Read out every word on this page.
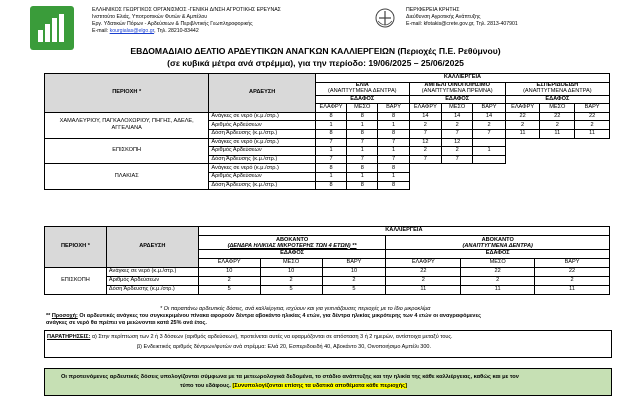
ΕΛΛΗΝΙΚΟΣ ΓΕΩΡΓΙΚΟΣ ΟΡΓΑΝΙΣΜΟΣ -ΓΕΝΙΚΗ Δ/ΝΣΗ ΑΓΡΟΤΙΚΗΣ ΕΡΕΥΝΑΣ
Ινστιτούτο Ελιάς, Υποτροπικών Φυτών & Αμπέλου
Εργ. Υδατικών Πόρων - Αρδεύσεων & Περιβ/ντικής Γεωπληροφορικής
E-mail: kourgialas@elgo.gr, Τηλ. 28210-83442
ΠΕΡΙΦΕΡΕΙΑ ΚΡΗΤΗΣ
Διεύθυνση Αγροτικής Ανάπτυξης
E-mail: kfotakis@crete.gov.gr, Τηλ. 2813-407901
ΕΒΔΟΜΑΔΙΑΙΟ ΔΕΛΤΙΟ ΑΡΔΕΥΤΙΚΩΝ ΑΝΑΓΚΩΝ ΚΑΛΛΙΕΡΓΕΙΩΝ (Περιοχές Π.Ε. Ρεθύμνου)
(σε κυβικά μέτρα ανά στρέμμα), για την περίοδο: 19/06/2025 – 25/06/2025
ΠΕΡΙΟΧΗ *	ΑΡΔΕΥΣΗ	ΚΑΛΛΙΕΡΓΕΙΑ								
		ΕΛΙΑ
(ΑΝΑΠΤΥΓΜΕΝΑ ΔΕΝΤΡΑ)			ΑΜΠΕΛΙ ΟΙΝΟΠΟΙΗΣΙΜΟ
(ΑΝΑΠΤΥΓΜΕΝΑ ΠΡΕΜΝΑ)			ΕΣΠΕΡΙΔΟΕΙΔΗ
(ΑΝΑΠΤΥΓΜΕΝΑ ΔΕΝΤΡΑ)		
		ΕΔΑΦΟΣ			ΕΔΑΦΟΣ			ΕΔΑΦΟΣ		
		ΕΛΑΦΡΥ	ΜΕΣΟ	ΒΑΡΥ	ΕΛΑΦΡΥ	ΜΕΣΟ	ΒΑΡΥ	ΕΛΑΦΡΥ	ΜΕΣΟ	ΒΑΡΥ
ΧΑΜΑΛΕΥΡΙΟΥ, ΠΑΓΚΑΛΟΧΩΡΙΟΥ, ΠΗΓΗΣ, ΑΔΕΛΕ, ΑΓΓΕΛΙΑΝΑ	Ανάγκες σε νερό (κ.μ./στρ.)	8	8	8	14	14	14	22	22	22
	Αριθμός Αρδεύσεων	1	1	1	2	2	2	2	2	2
	Δόση Άρδευσης (κ.μ./στρ.)	8	8	8	7	7	7	11	11	11
ΕΠΙΣΚΟΠΗ	Ανάγκες σε νερό (κ.μ./στρ.)	7	7	7	12	12				
	Αριθμός Αρδεύσεων	1	1	1	2	2	1			
	Δόση Άρδευσης (κ.μ./στρ.)	7	7	7	7	7				
ΠΛΑΚΙΑΣ	Ανάγκες σε νερό (κ.μ./στρ.)	8	8	8						
	Αριθμός Αρδεύσεων	1	1	1						
	Δόση Άρδευσης (κ.μ./στρ.)	8	8	8						
ΠΕΡΙΟΧΗ *	ΑΡΔΕΥΣΗ	ΚΑΛΛΙΕΡΓΕΙΑ					
		ΑΒΟΚΑΝΤΟ
(ΔΕΝΔΡΑ ΗΛΙΚΙΑΣ ΜΙΚΡΟΤΕΡΗΣ ΤΩΝ 4 ΕΤΩΝ) **			ΑΒΟΚΑΝΤΟ
(ΑΝΑΠΤΥΓΜΕΝΑ ΔΕΝΤΡΑ)		
		ΕΔΑΦΟΣ			ΕΔΑΦΟΣ		
		ΕΛΑΦΡΥ	ΜΕΣΟ	ΒΑΡΥ	ΕΛΑΦΡΥ	ΜΕΣΟ	ΒΑΡΥ
ΕΠΙΣΚΟΠΗ	Ανάγκες σε νερό (κ.μ./στρ.)	10	10	10	22	22	22
	Αριθμός Αρδεύσεων	2	2	2	2	2	2
	Δόση Άρδευσης (κ.μ./στρ.)	5	5	5	11	11	11
* Οι παραπάνω αρδευτικές δόσεις, ανά καλλιέργεια, ισχύουν και για γειτνιάζουσες περιοχές με το ίδιο μικροκλίμα
** Προσοχή: Οι αρδευτικές ανάγκες του συγκεκριμένου πίνακα αφορούν δέντρα αβοκάντο ηλικίας 4 ετών, για δέντρα ηλικίας μικρότερης των 4 ετών οι αναγραφόμενες
ανάγκες σε νερό θα πρέπει να μειώνονται κατά 25% ανά έτος.
ΠΑΡΑΤΗΡΗΣΕΙΣ: α) Στην περίπτωση των 2 ή 3 δόσεων (αριθμός αρδεύσεων), προτείνεται αυτές να εφαρμόζονται σε απόσταση 3 ή 2 ημερών, αντίστοιχα μεταξύ τους.
β) Ενδεικτικός αριθμός δέντρων/φυτών ανά στρέμμα: Ελιά 20, Εσπεριδοειδή 40, Αβοκάντο 30, Οινοποιήσιμο Αμπέλι 300.
Οι προτεινόμενες αρδευτικές δόσεις υπολογίζονται σύμφωνα με τα μετεωρολογικά δεδομένα, το στάδιο ανάπτυξης και την ηλικία της κάθε καλλιέργειας, καθώς και με τον
τύπο του εδάφους. [Συνυπολογίζονται επίσης τα υδατικά αποθέματα κάθε περιοχής]
